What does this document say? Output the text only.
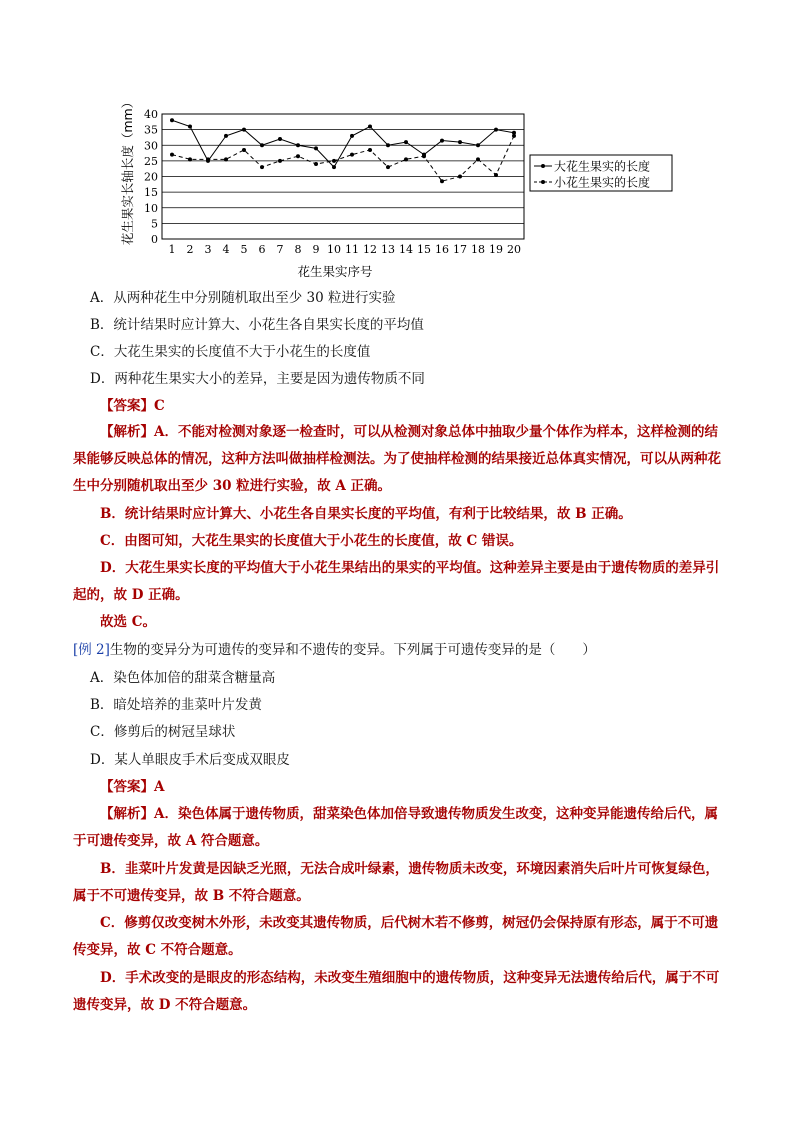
0
5
10
15
20
25
30
35
40
1 2 3 4 5 6 7 8 9 10 11 12 13 14 15 16 17 18 19 20
花生果实序号
花生果实长轴长度（mm）	大花生果实的长度
小花生果实的长度
A．从两种花生中分别随机取出至少 30 粒进行实验
B．统计结果时应计算大、小花生各自果实长度的平均值
C．大花生果实的长度值不大于小花生的长度值
D．两种花生果实大小的差异，主要是因为遗传物质不同
【答案】C
【解析】A．不能对检测对象逐一检查时，可以从检测对象总体中抽取少量个体作为样本，这样检测的结果能够反映总体的情况，这种方法叫做抽样检测法。为了使抽样检测的结果接近总体真实情况，可以从两种花生中分别随机取出至少 30 粒进行实验，故 A 正确。
B．统计结果时应计算大、小花生各自果实长度的平均值，有利于比较结果，故 B 正确。
C．由图可知，大花生果实的长度值大于小花生的长度值，故 C 错误。
D．大花生果实长度的平均值大于小花生果结出的果实的平均值。这种差异主要是由于遗传物质的差异引起的，故 D 正确。
故选 C。
[例 2]生物的变异分为可遗传的变异和不遗传的变异。下列属于可遗传变异的是（　　）
A．染色体加倍的甜菜含糖量高
B．暗处培养的韭菜叶片发黄
C．修剪后的树冠呈球状
D．某人单眼皮手术后变成双眼皮
【答案】A
【解析】A．染色体属于遗传物质，甜菜染色体加倍导致遗传物质发生改变，这种变异能遗传给后代，属于可遗传变异，故 A 符合题意。
B．韭菜叶片发黄是因缺乏光照，无法合成叶绿素，遗传物质未改变，环境因素消失后叶片可恢复绿色，属于不可遗传变异，故 B 不符合题意。
C．修剪仅改变树木外形，未改变其遗传物质，后代树木若不修剪，树冠仍会保持原有形态，属于不可遗传变异，故 C 不符合题意。
D．手术改变的是眼皮的形态结构，未改变生殖细胞中的遗传物质，这种变异无法遗传给后代，属于不可遗传变异，故 D 不符合题意。
